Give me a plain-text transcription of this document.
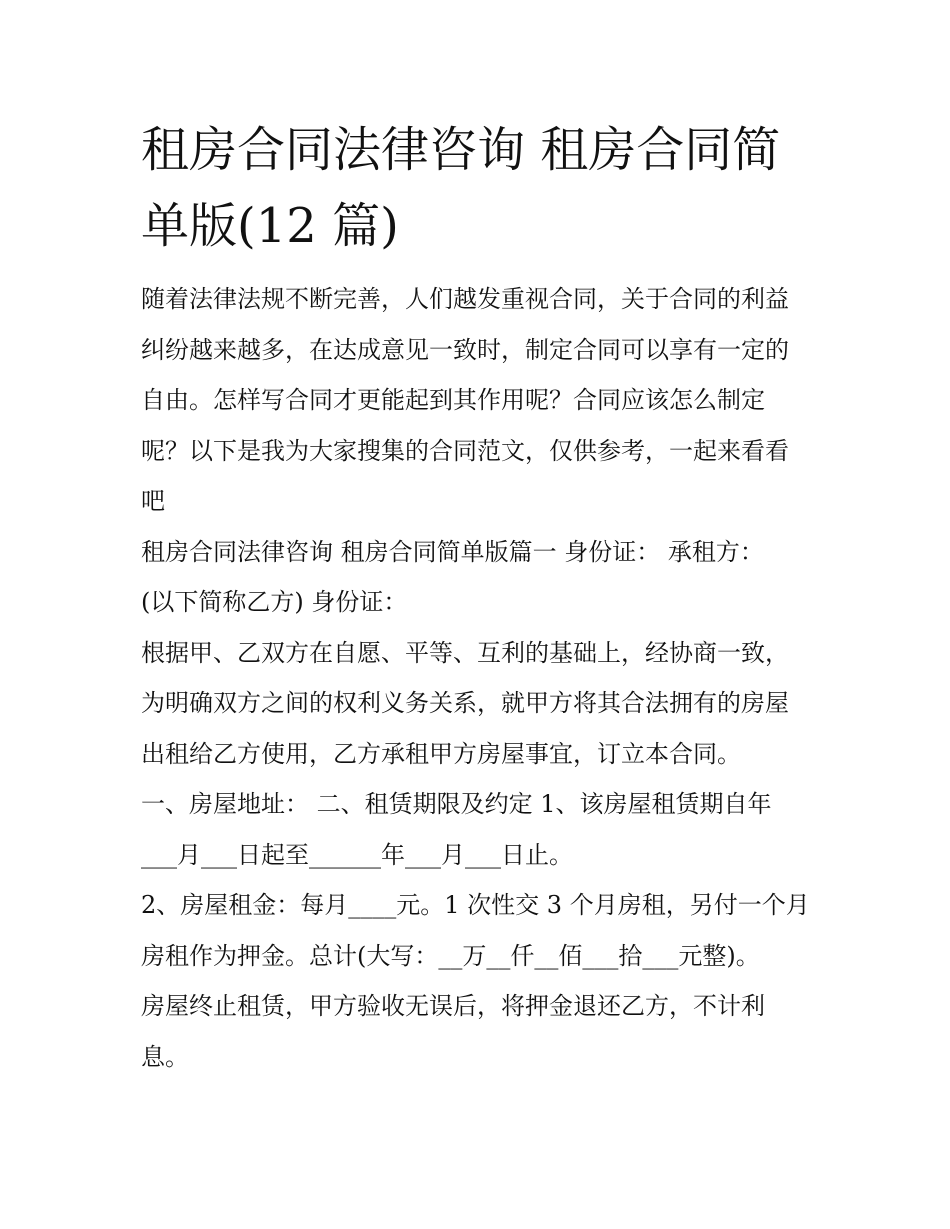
租房合同法律咨询 租房合同简
单版(12 篇)
随着法律法规不断完善，人们越发重视合同，关于合同的利益
纠纷越来越多，在达成意见一致时，制定合同可以享有一定的
自由。怎样写合同才更能起到其作用呢？合同应该怎么制定
呢？以下是我为大家搜集的合同范文，仅供参考，一起来看看
吧
租房合同法律咨询 租房合同简单版篇一 身份证： 承租方：
(以下简称乙方) 身份证：
根据甲、乙双方在自愿、平等、互利的基础上，经协商一致，
为明确双方之间的权利义务关系，就甲方将其合法拥有的房屋
出租给乙方使用，乙方承租甲方房屋事宜，订立本合同。
一、房屋地址： 二、租赁期限及约定 1、该房屋租赁期自年
___月___日起至______年___月___日止。
2、房屋租金：每月____元。1 次性交 3 个月房租，另付一个月
房租作为押金。总计(大写：__万__仟__佰___拾___元整)。
房屋终止租赁，甲方验收无误后，将押金退还乙方，不计利
息。
